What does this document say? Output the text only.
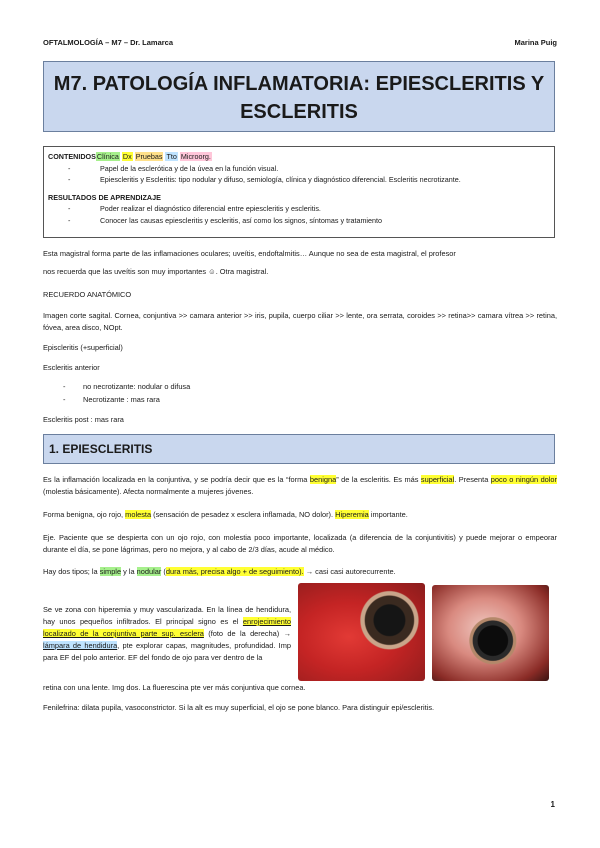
OFTALMOLOGÍA – M7 – Dr. Lamarca	Marina Puig
M7. PATOLOGÍA INFLAMATORIA: EPIESCLERITIS Y
ESCLERITIS
CONTENIDOSClínica Dx Pruebas Tto Microorg.
- Papel de la esclerótica y de la úvea en la función visual.
- Epiescleritis y Escleritis: tipo nodular y difuso, semiología, clínica y diagnóstico diferencial. Escleritis necrotizante.
RESULTADOS DE APRENDIZAJE
- Poder realizar el diagnóstico diferencial entre epiescleritis y escleritis.
- Conocer las causas epiescleritis y escleritis, así como los signos, síntomas y tratamiento

Esta magistral forma parte de las inflamaciones oculares; uveítis, endoftalmitis… Aunque no sea de esta magistral, el profesor

nos recuerda que las uveítis son muy importantes ☺. Otra magistral.

RECUERDO ANATÓMICO
Imagen corte sagital. Cornea, conjuntiva >> camara anterior >> iris, pupila, cuerpo ciliar >> lente, ora serrata, coroides >> retina>> camara vítrea >> retina, fóvea, area disco, NOpt.
Episcleritis (+superficial)
Escleritis anterior
- no necrotizante: nodular o difusa
- Necrotizante : mas rara
Escleritis post : mas rara
1. EPIESCLERITIS
Es la inflamación localizada en la conjuntiva, y se podría decir que es la “forma benigna” de la escleritis. Es más superficial. Presenta poco o ningún dolor (molestia básicamente). Afecta normalmente a mujeres jóvenes.
Forma benigna, ojo rojo, molesta (sensación de pesadez x esclera inflamada, NO dolor). Hiperemia importante.
Eje. Paciente que se despierta con un ojo rojo, con molestia poco importante, localizada (a diferencia de la conjuntivitis) y puede mejorar o empeorar durante el día, se pone lágrimas, pero no mejora, y al cabo de 2/3 días, acude al médico.
Hay dos tipos; la simple y la nodular (dura más, precisa algo + de seguimiento). → casi casi autorecurrente.
Se ve zona con hiperemia y muy vascularizada. En la línea de hendidura, hay unos pequeños infiltrados. El principal signo es el enrojecimiento localizado de la conjuntiva parte sup. esclera (foto de la derecha) → lámpara de hendidura, pte explorar capas, magnitudes, profundidad. Imp para EF del polo anterior. EF del fondo de ojo para ver dentro de la
retina con una lente. Img dos. La fluerescina pte ver más conjuntiva que cornea.
Fenilefrina: dilata pupila, vasoconstrictor. Si la alt es muy superficial, el ojo se pone blanco. Para distinguir epi/escleritis.
1
